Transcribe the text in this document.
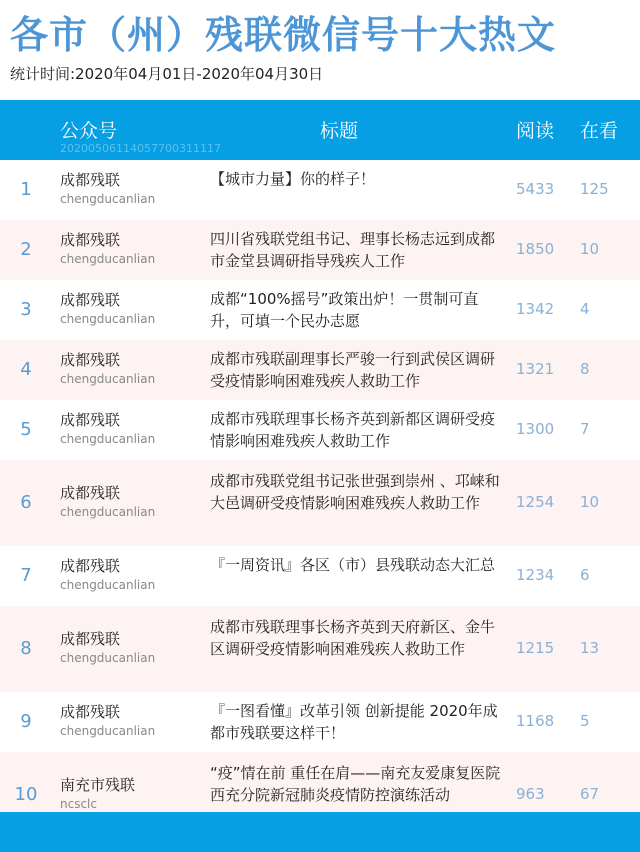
各市（州）残联微信号十大热文
统计时间:2020年04月01日-2020年04月30日
公众号
20200506114057700311117
标题	阅读 在看
1	成都残联
chengducanlian
【城市力量】你的样子！
5433 125
2	成都残联
chengducanlian
四川省残联党组书记、理事长杨志远到成都市金堂县调研指导残疾人工作
1850 10
3	成都残联
chengducanlian
成都“100%摇号”政策出炉！一贯制可直升，可填一个民办志愿
1342 4
4	成都残联
chengducanlian
成都市残联副理事长严骏一行到武侯区调研受疫情影响困难残疾人救助工作
1321 8
5	成都残联
chengducanlian
成都市残联理事长杨齐英到新都区调研受疫情影响困难残疾人救助工作
1300 7
6	成都残联
chengducanlian
成都市残联党组书记张世强到崇州 、邛崃和大邑调研受疫情影响困难残疾人救助工作	1254 10
7	成都残联
chengducanlian
『一周资讯』各区（市）县残联动态大汇总
1234 6
8	成都残联
chengducanlian
成都市残联理事长杨齐英到天府新区、金牛区调研受疫情影响困难残疾人救助工作	1215 13
9	成都残联
chengducanlian
『一图看懂』改革引领 创新提能 2020年成都市残联要这样干！
1168 5
10	南充市残联
ncsclc
“疫”情在前 重任在肩——南充友爱康复医院西充分院新冠肺炎疫情防控演练活动	963 67
